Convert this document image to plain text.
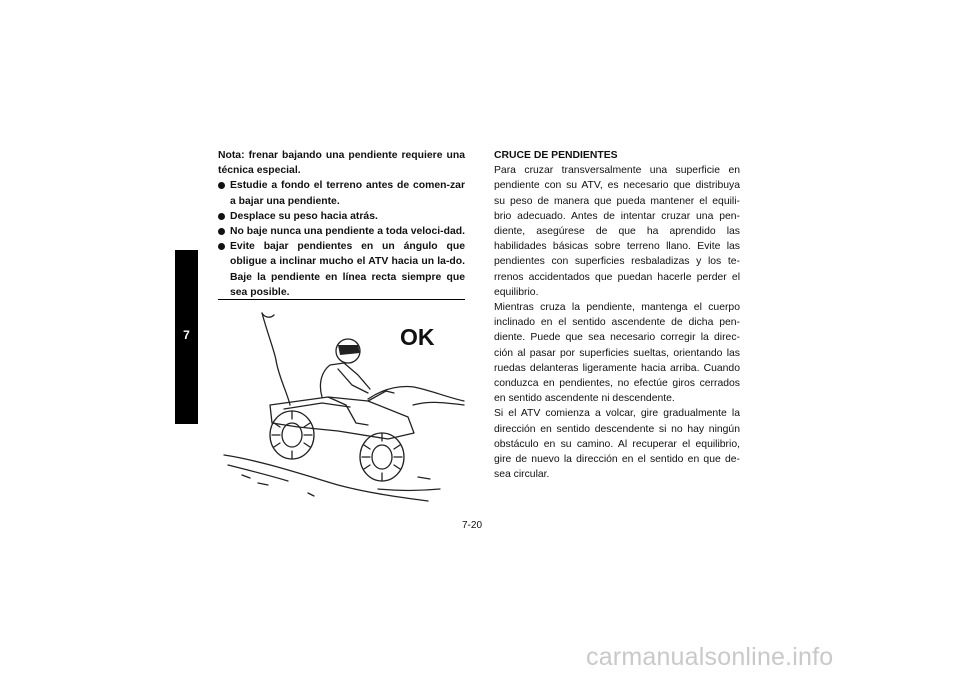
7

Nota: frenar bajando una pendiente requiere una técnica especial.

Estudie a fondo el terreno antes de comen-zar a bajar una pendiente.

Desplace su peso hacia atrás.

No baje nunca una pendiente a toda veloci-dad.

Evite bajar pendientes en un ángulo que obligue a inclinar mucho el ATV hacia un la-do. Baje la pendiente en línea recta siempre que sea posible.

OK

CRUCE DE PENDIENTES

Para cruzar transversalmente una superficie en pendiente con su ATV, es necesario que distribuya su peso de manera que pueda mantener el equili-brio adecuado. Antes de intentar cruzar una pen-diente, asegúrese de que ha aprendido las habilidades básicas sobre terreno llano. Evite las pendientes con superficies resbaladizas y los te-rrenos accidentados que puedan hacerle perder el equilibrio.

Mientras cruza la pendiente, mantenga el cuerpo inclinado en el sentido ascendente de dicha pen-diente. Puede que sea necesario corregir la direc-ción al pasar por superficies sueltas, orientando las ruedas delanteras ligeramente hacia arriba. Cuando conduzca en pendientes, no efectúe giros cerrados en sentido ascendente ni descendente.

Si el ATV comienza a volcar, gire gradualmente la dirección en sentido descendente si no hay ningún obstáculo en su camino. Al recuperar el equilibrio, gire de nuevo la dirección en el sentido en que de-sea circular.

7-20
carmanualsonline.info
